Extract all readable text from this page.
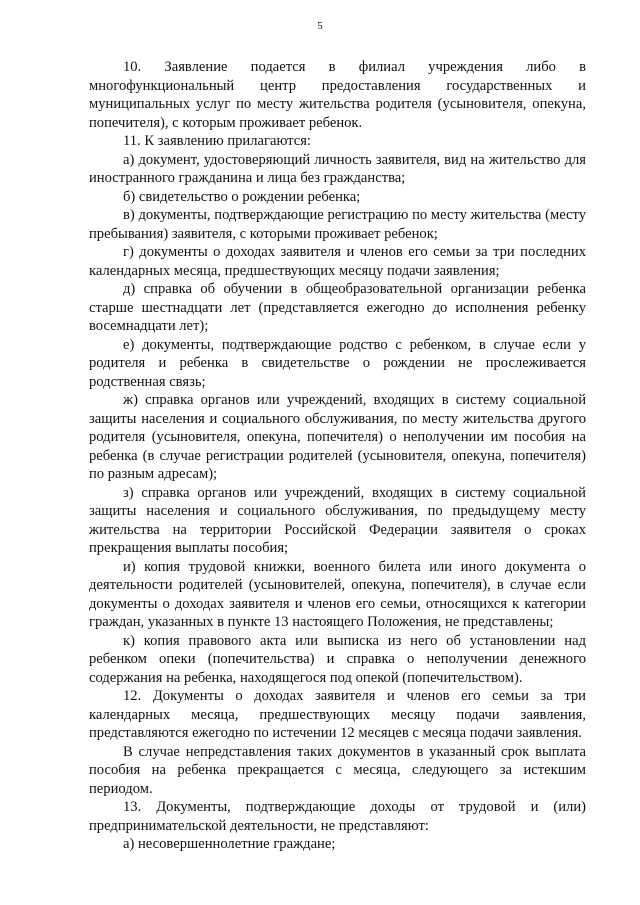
5

10. Заявление подается в филиал учреждения либо в многофункциональный центр предоставления государственных и муниципальных услуг по месту жительства родителя (усыновителя, опекуна, попечителя), с которым проживает ребенок.

11. К заявлению прилагаются:

а) документ, удостоверяющий личность заявителя, вид на жительство для иностранного гражданина и лица без гражданства;

б) свидетельство о рождении ребенка;

в) документы, подтверждающие регистрацию по месту жительства (месту пребывания) заявителя, с которыми проживает ребенок;

г) документы о доходах заявителя и членов его семьи за три последних календарных месяца, предшествующих месяцу подачи заявления;

д) справка об обучении в общеобразовательной организации ребенка старше шестнадцати лет (представляется ежегодно до исполнения ребенку восемнадцати лет);

е) документы, подтверждающие родство с ребенком, в случае если у родителя и ребенка в свидетельстве о рождении не прослеживается родственная связь;

ж) справка органов или учреждений, входящих в систему социальной защиты населения и социального обслуживания, по месту жительства другого родителя (усыновителя, опекуна, попечителя) о неполучении им пособия на ребенка (в случае регистрации родителей (усыновителя, опекуна, попечителя) по разным адресам);

з) справка органов или учреждений, входящих в систему социальной защиты населения и социального обслуживания, по предыдущему месту жительства на территории Российской Федерации заявителя о сроках прекращения выплаты пособия;

и) копия трудовой книжки, военного билета или иного документа о деятельности родителей (усыновителей, опекуна, попечителя), в случае если документы о доходах заявителя и членов его семьи, относящихся к категории граждан, указанных в пункте 13 настоящего Положения, не представлены;

к) копия правового акта или выписка из него об установлении над ребенком опеки (попечительства) и справка о неполучении денежного содержания на ребенка, находящегося под опекой (попечительством).

12. Документы о доходах заявителя и членов его семьи за три календарных месяца, предшествующих месяцу подачи заявления, представляются ежегодно по истечении 12 месяцев с месяца подачи заявления.

В случае непредставления таких документов в указанный срок выплата пособия на ребенка прекращается с месяца, следующего за истекшим периодом.

13. Документы, подтверждающие доходы от трудовой и (или) предпринимательской деятельности, не представляют:

а) несовершеннолетние граждане;
